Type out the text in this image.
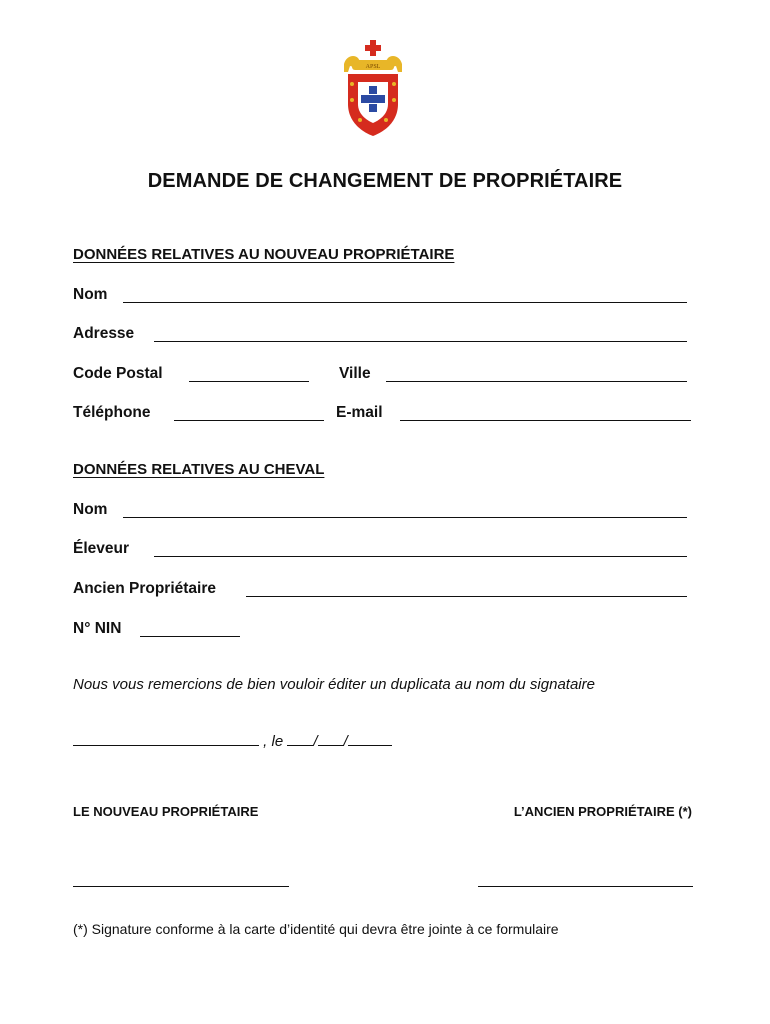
APSL
DEMANDE DE CHANGEMENT DE PROPRIÉTAIRE
DONNÉES RELATIVES AU NOUVEAU PROPRIÉTAIRE
Nom
Adresse
Code Postal	Ville
Téléphone	E-mail
DONNÉES RELATIVES AU CHEVAL
Nom
Éleveur
Ancien Propriétaire
N° NIN
Nous vous remercions de bien vouloir éditer un duplicata au nom du signataire
, le / /
LE NOUVEAU PROPRIÉTAIRE	L’ANCIEN PROPRIÉTAIRE (*)
(*) Signature conforme à la carte d’identité qui devra être jointe à ce formulaire
